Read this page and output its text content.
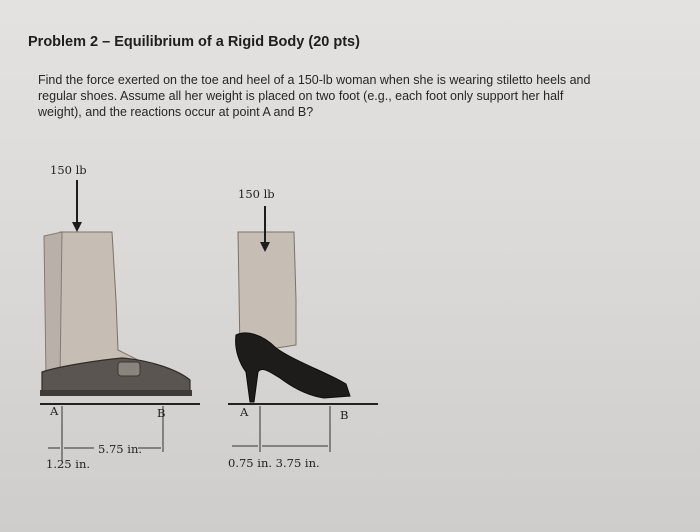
Problem 2 – Equilibrium of a Rigid Body (20 pts)
Find the force exerted on the toe and heel of a 150-lb woman when she is wearing stiletto heels and
regular shoes. Assume all her weight is placed on two foot (e.g., each foot only support her half
weight), and the reactions occur at point A and B?
150 lb
A	B
5.75 in.
1.25 in.
150 lb
A	B
0.75 in. 3.75 in.
